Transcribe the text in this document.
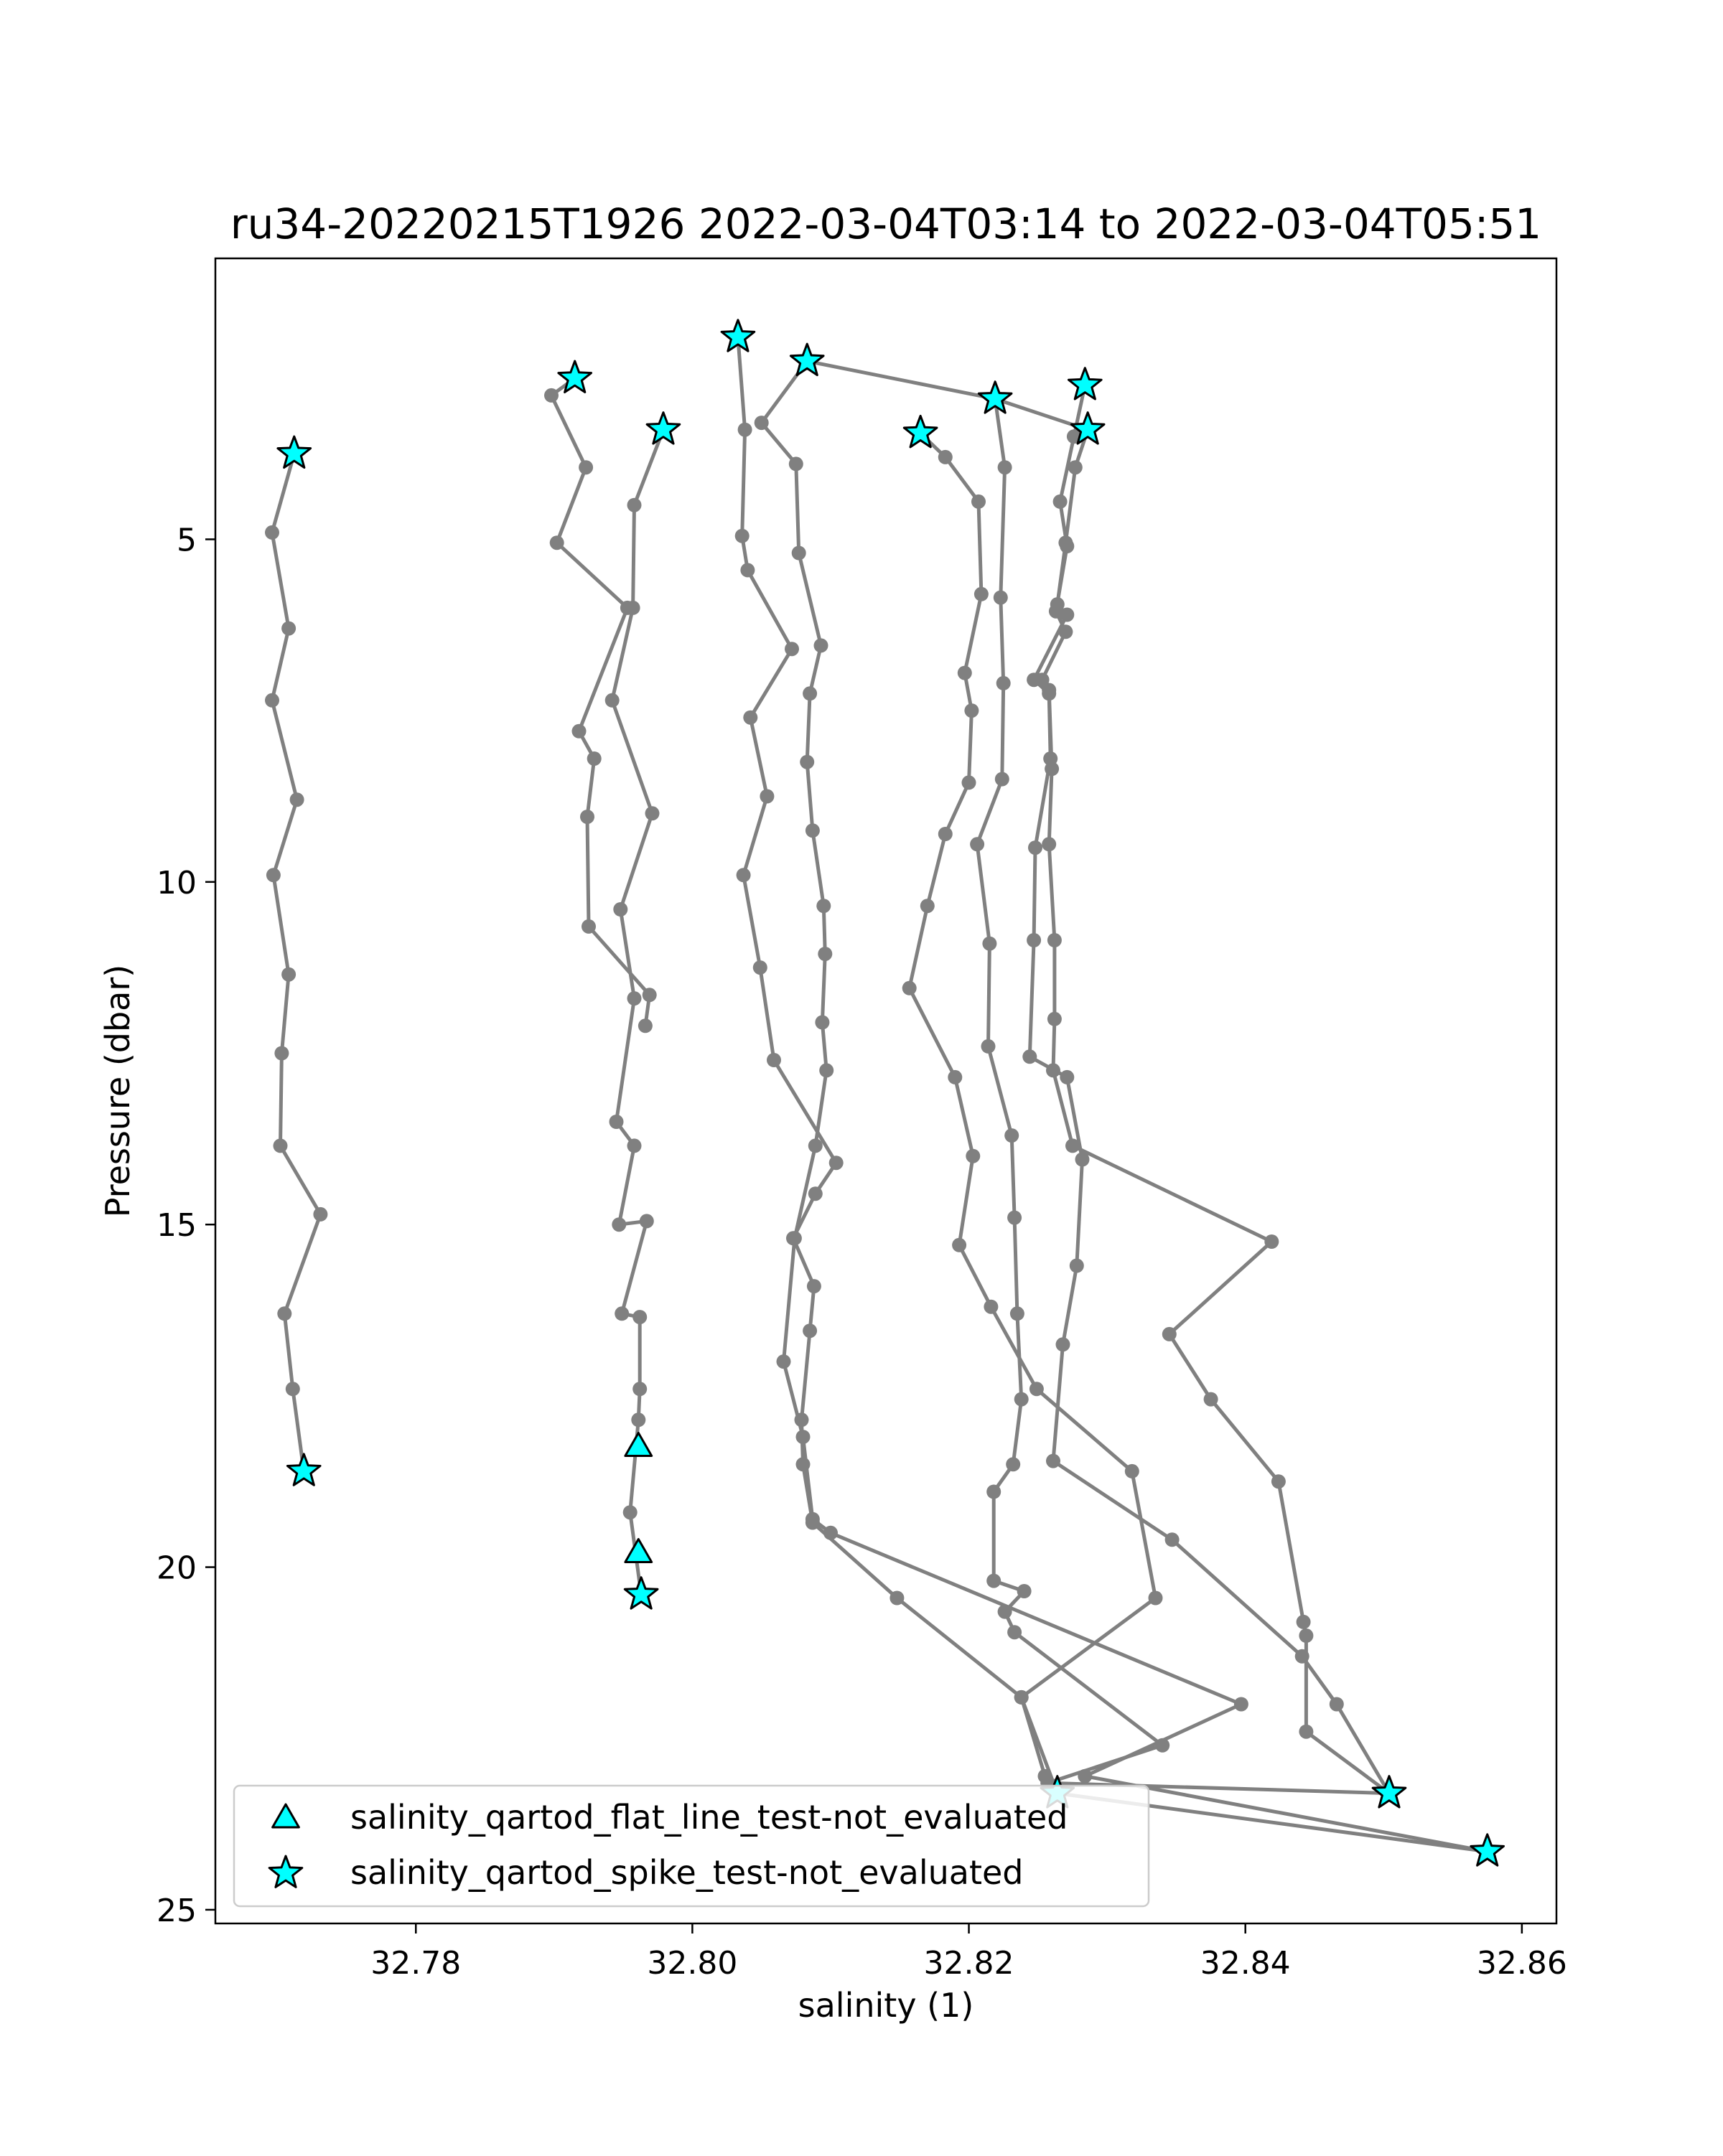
ru34-20220215T1926 2022-03-04T03:14 to 2022-03-04T05:51
32.78	32.80	32.82	32.84	32.86
5
10
15
20
25
salinity (1)
Pressure (dbar)
salinity_qartod_flat_line_test-not_evaluated
salinity_qartod_spike_test-not_evaluated
